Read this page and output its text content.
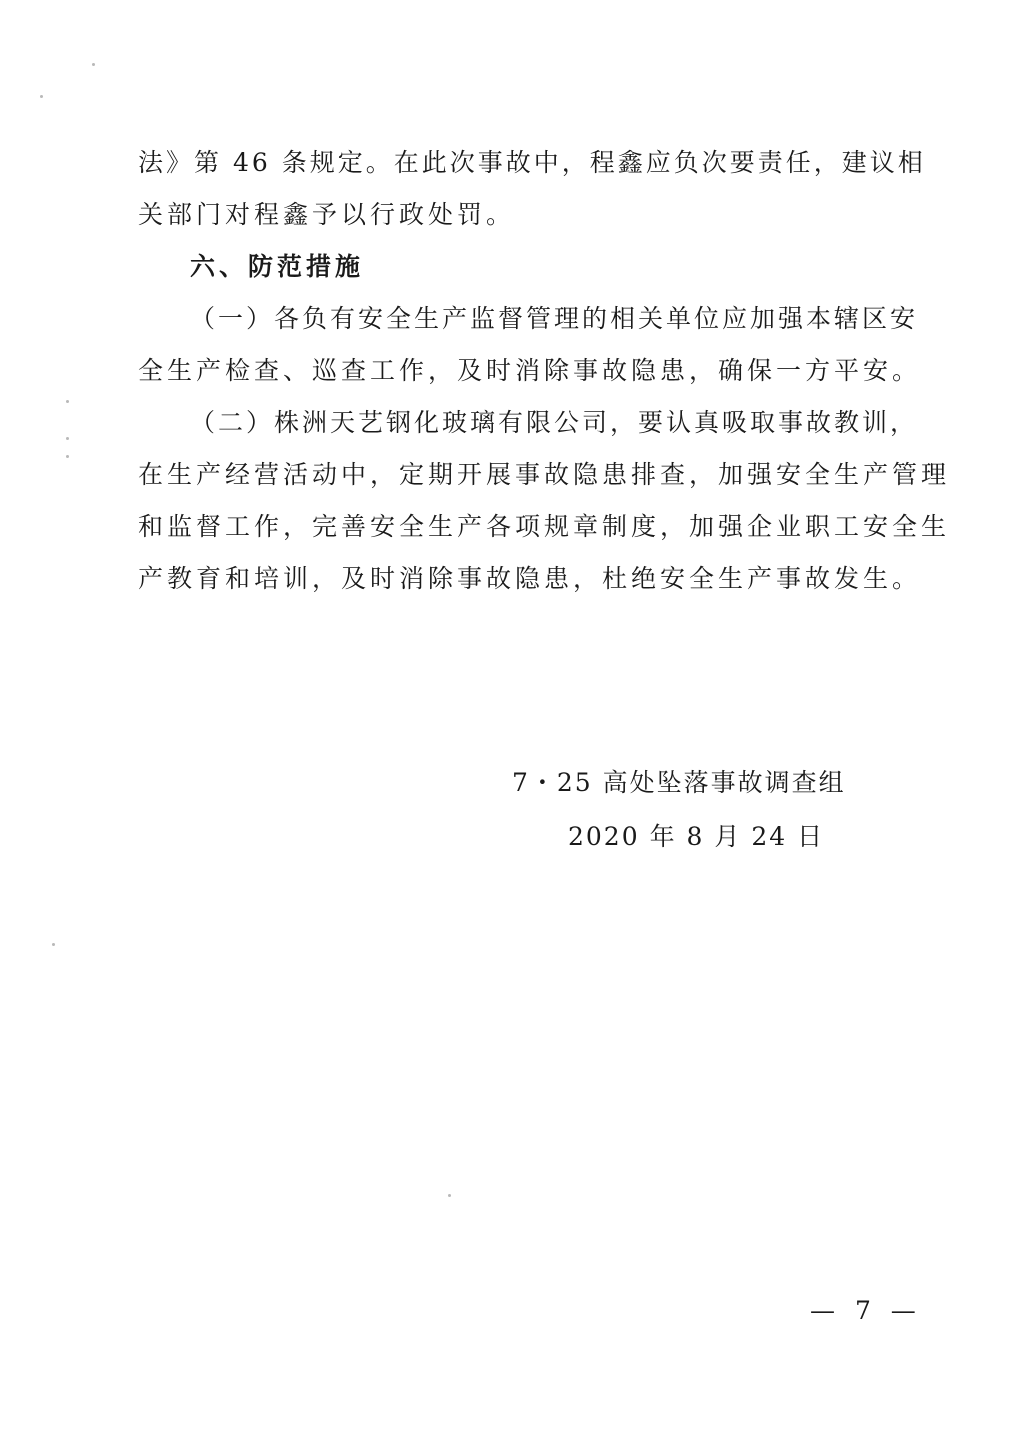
法》第 46 条规定。在此次事故中，程鑫应负次要责任，建议相
关部门对程鑫予以行政处罚。
六、防范措施
（一）各负有安全生产监督管理的相关单位应加强本辖区安
全生产检查、巡查工作，及时消除事故隐患，确保一方平安。
（二）株洲天艺钢化玻璃有限公司，要认真吸取事故教训，
在生产经营活动中，定期开展事故隐患排查，加强安全生产管理
和监督工作，完善安全生产各项规章制度，加强企业职工安全生
产教育和培训，及时消除事故隐患，杜绝安全生产事故发生。
7・25 高处坠落事故调查组
2020 年 8 月 24 日
— 7 —
